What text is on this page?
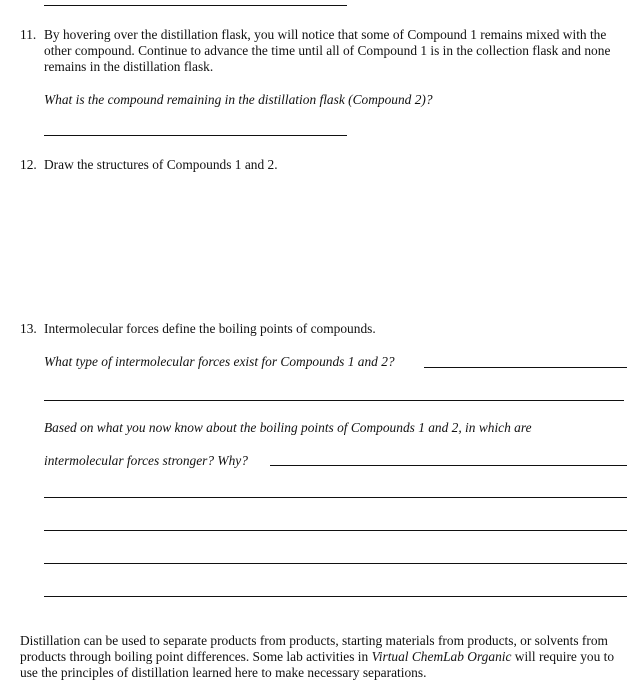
11. By hovering over the distillation flask, you will notice that some of Compound 1 remains mixed with the other compound. Continue to advance the time until all of Compound 1 is in the collection flask and none remains in the distillation flask.
What is the compound remaining in the distillation flask (Compound 2)?
12. Draw the structures of Compounds 1 and 2.
13. Intermolecular forces define the boiling points of compounds.
What type of intermolecular forces exist for Compounds 1 and 2?
Based on what you now know about the boiling points of Compounds 1 and 2, in which are
intermolecular forces stronger? Why?
Distillation can be used to separate products from products, starting materials from products, or solvents from products through boiling point differences. Some lab activities in Virtual ChemLab Organic will require you to use the principles of distillation learned here to make necessary separations.
